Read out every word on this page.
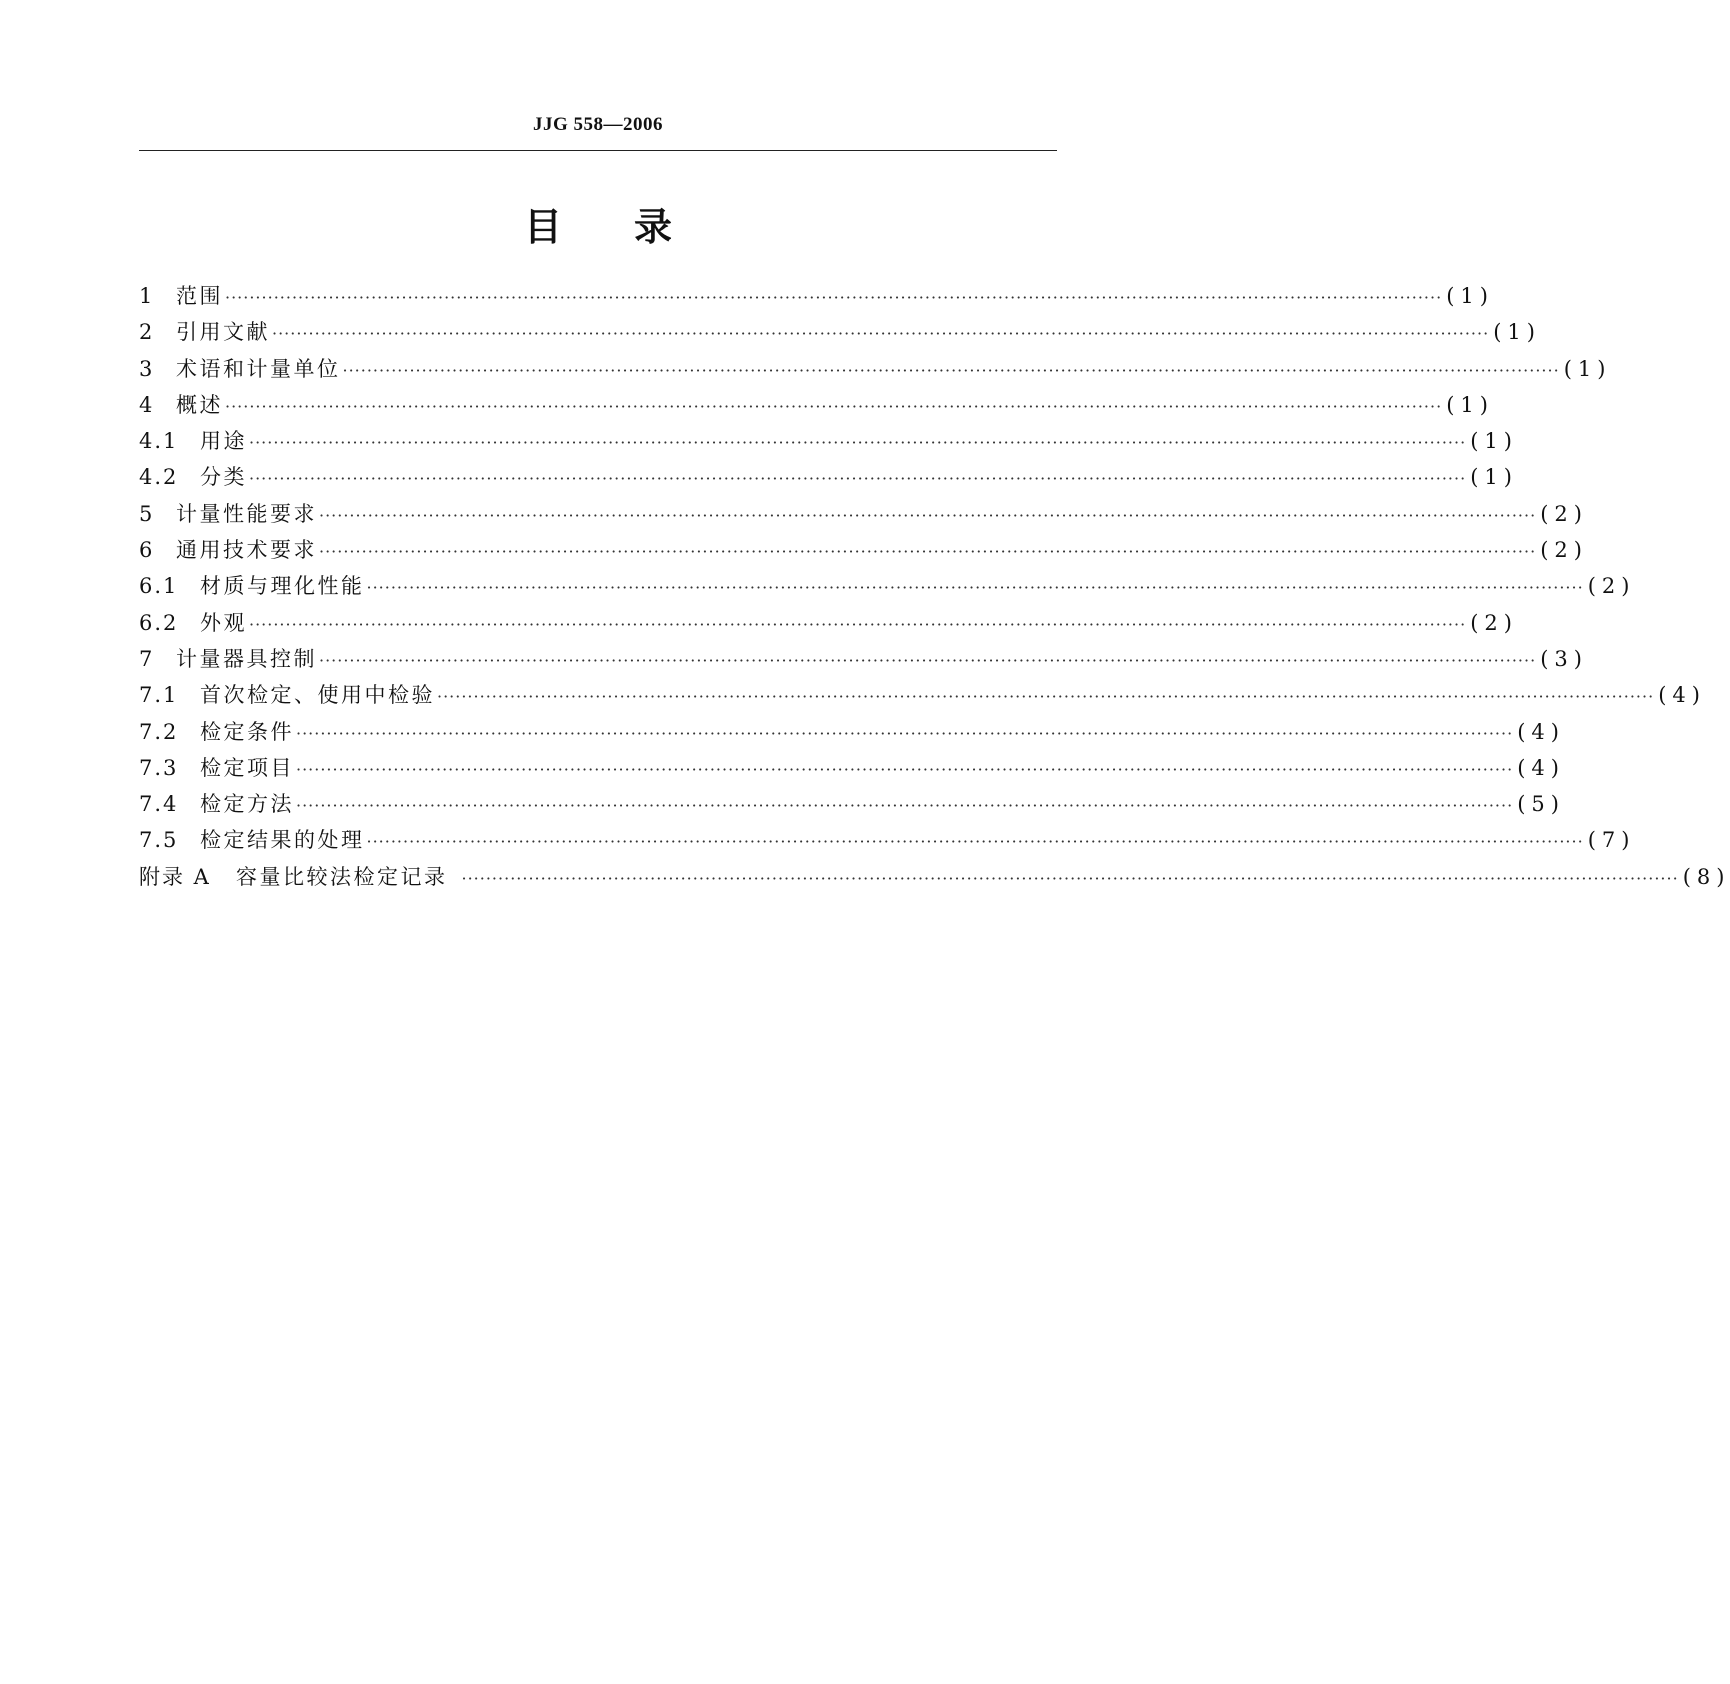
JJG 558—2006
目录
1	范围 ········································································································································································································ (1)
2	引用文献 ········································································································································································································ (1)
3	术语和计量单位 ········································································································································································································ (1)
4	概述 ········································································································································································································ (1)
4.1	用途 ········································································································································································································ (1)
4.2	分类 ········································································································································································································ (1)
5	计量性能要求 ········································································································································································································ (2)
6	通用技术要求 ········································································································································································································ (2)
6.1	材质与理化性能 ········································································································································································································ (2)
6.2	外观 ········································································································································································································ (2)
7	计量器具控制 ········································································································································································································ (3)
7.1	首次检定、使用中检验 ········································································································································································································ (4)
7.2	检定条件 ········································································································································································································ (4)
7.3	检定项目 ········································································································································································································ (4)
7.4	检定方法 ········································································································································································································ (5)
7.5	检定结果的处理 ········································································································································································································ (7)
附录 A	容量比较法检定记录 ········································································································································································································ (8)
